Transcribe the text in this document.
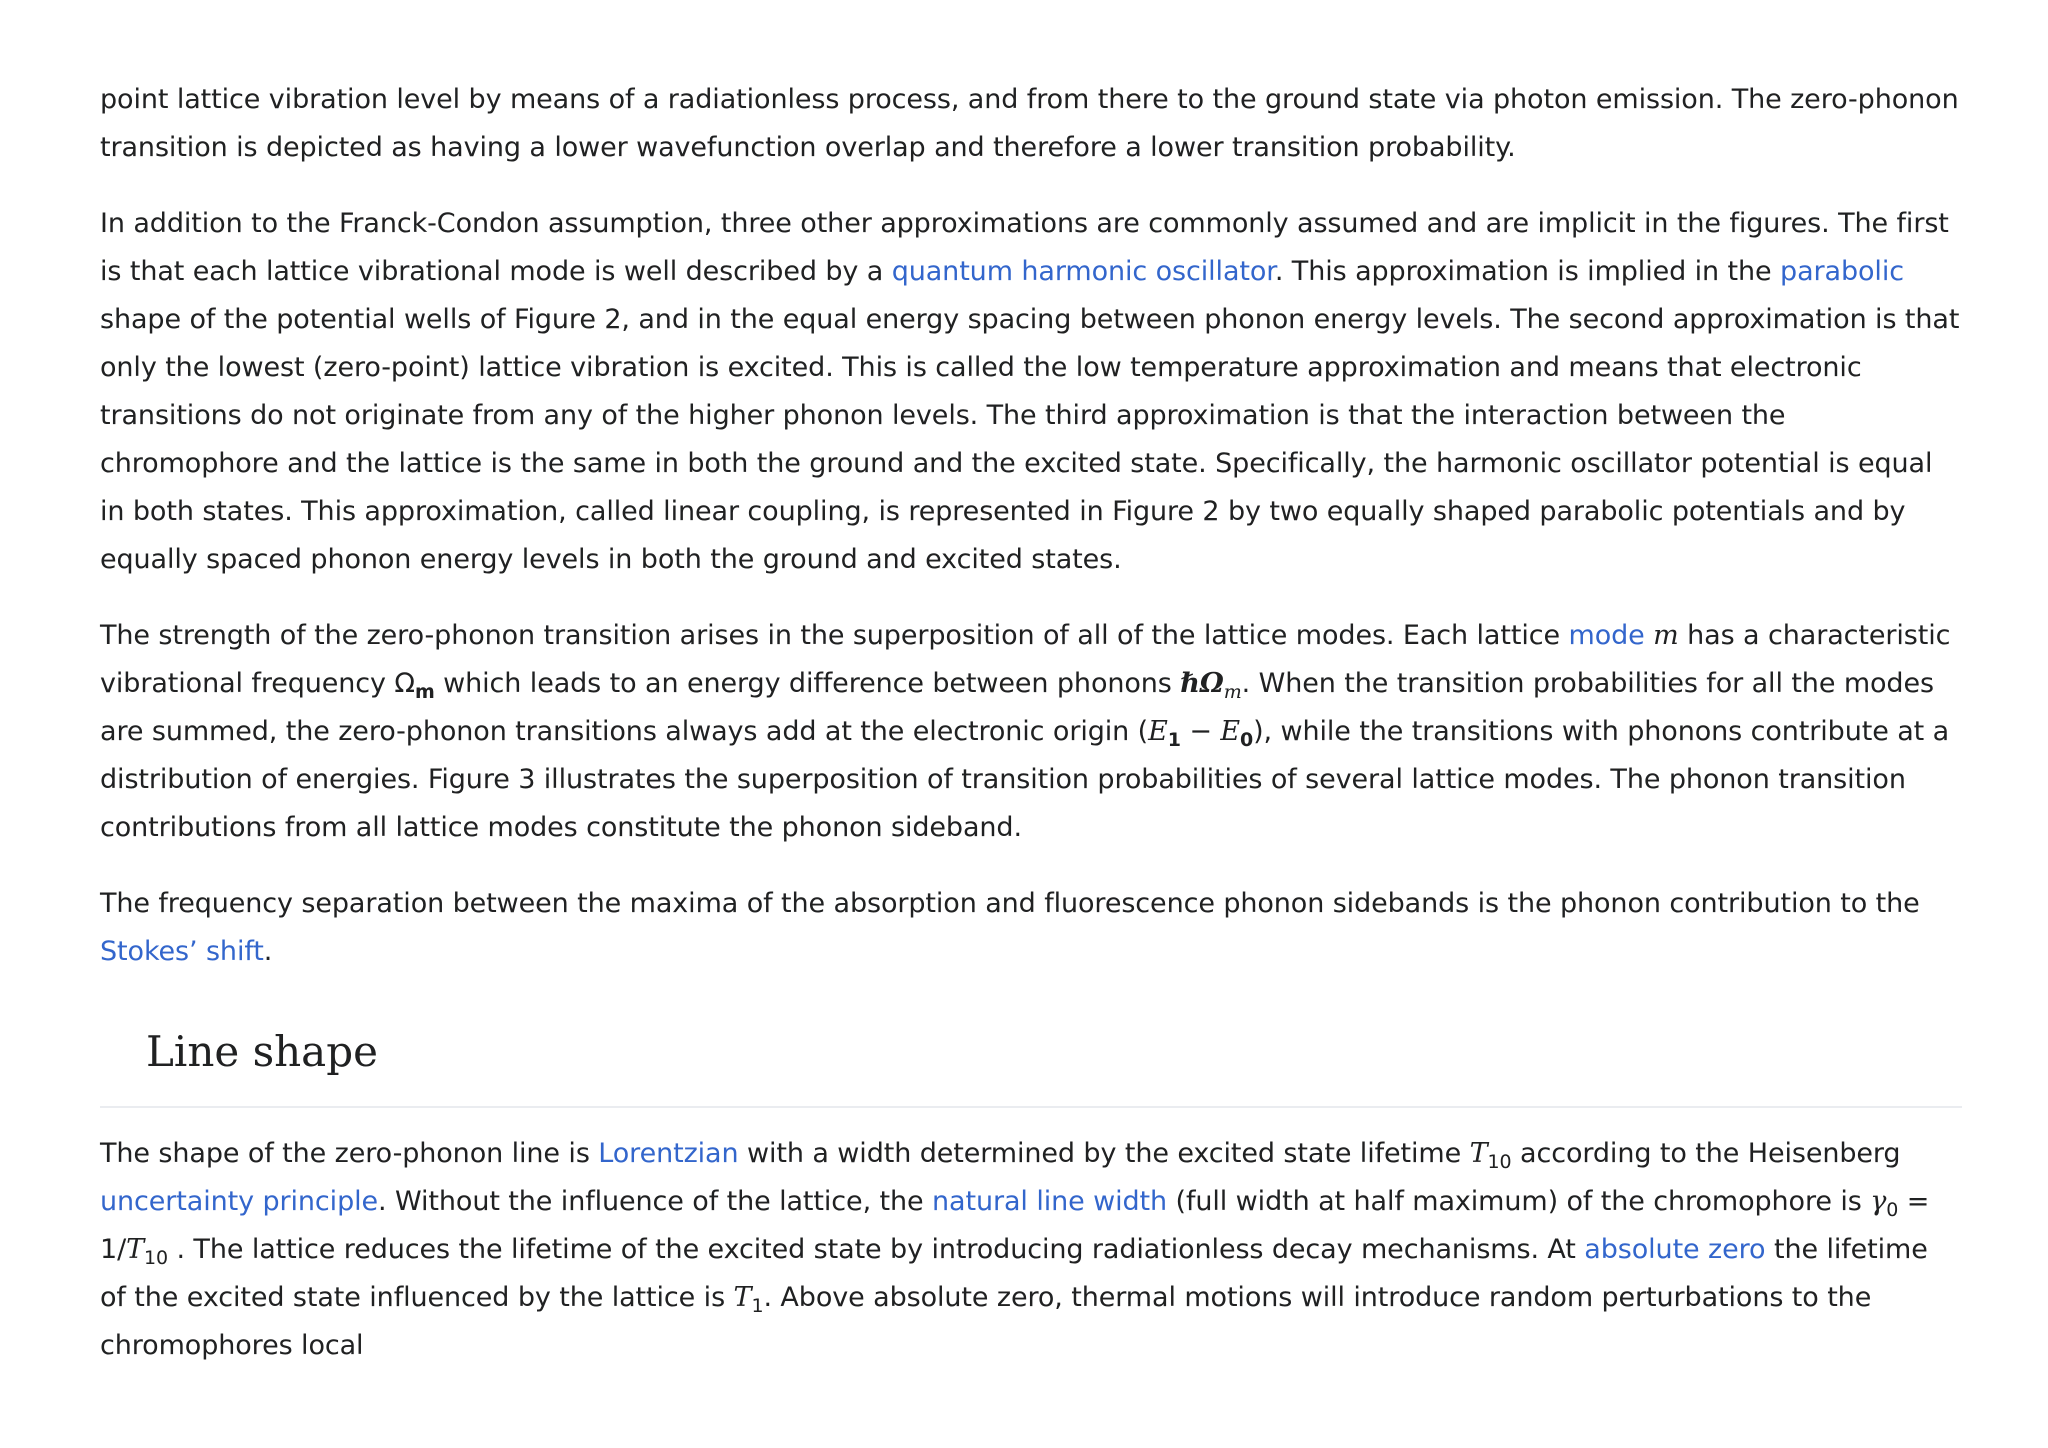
point lattice vibration level by means of a radiationless process, and from there to the ground state via photon emission. The zero-phonon transition is depicted as having a lower wavefunction overlap and therefore a lower transition probability.

In addition to the Franck-Condon assumption, three other approximations are commonly assumed and are implicit in the figures. The first is that each lattice vibrational mode is well described by a quantum harmonic oscillator. This approximation is implied in the parabolic shape of the potential wells of Figure 2, and in the equal energy spacing between phonon energy levels. The second approximation is that only the lowest (zero-point) lattice vibration is excited. This is called the low temperature approximation and means that electronic transitions do not originate from any of the higher phonon levels. The third approximation is that the interaction between the chromophore and the lattice is the same in both the ground and the excited state. Specifically, the harmonic oscillator potential is equal in both states. This approximation, called linear coupling, is represented in Figure 2 by two equally shaped parabolic potentials and by equally spaced phonon energy levels in both the ground and excited states.

The strength of the zero-phonon transition arises in the superposition of all of the lattice modes. Each lattice mode m has a characteristic vibrational frequency $\Omega_m$ which leads to an energy difference between phonons ℏΩ$_m$. When the transition probabilities for all the modes are summed, the zero-phonon transitions always add at the electronic origin $(E_1 - E_0)$, while the transitions with phonons contribute at a distribution of energies. Figure 3 illustrates the superposition of transition probabilities of several lattice modes. The phonon transition contributions from all lattice modes constitute the phonon sideband.

The frequency separation between the maxima of the absorption and fluorescence phonon sidebands is the phonon contribution to the Stokes’ shift.

Line shape

The shape of the zero-phonon line is Lorentzian with a width determined by the excited state lifetime $T_{10}$ according to the Heisenberg uncertainty principle. Without the influence of the lattice, the natural line width (full width at half maximum) of the chromophore is $\gamma_0 = 1/T_{10}$ . The lattice reduces the lifetime of the excited state by introducing radiationless decay mechanisms. At absolute zero the lifetime of the excited state influenced by the lattice is $T_1$. Above absolute zero, thermal motions will introduce random perturbations to the chromophores local
